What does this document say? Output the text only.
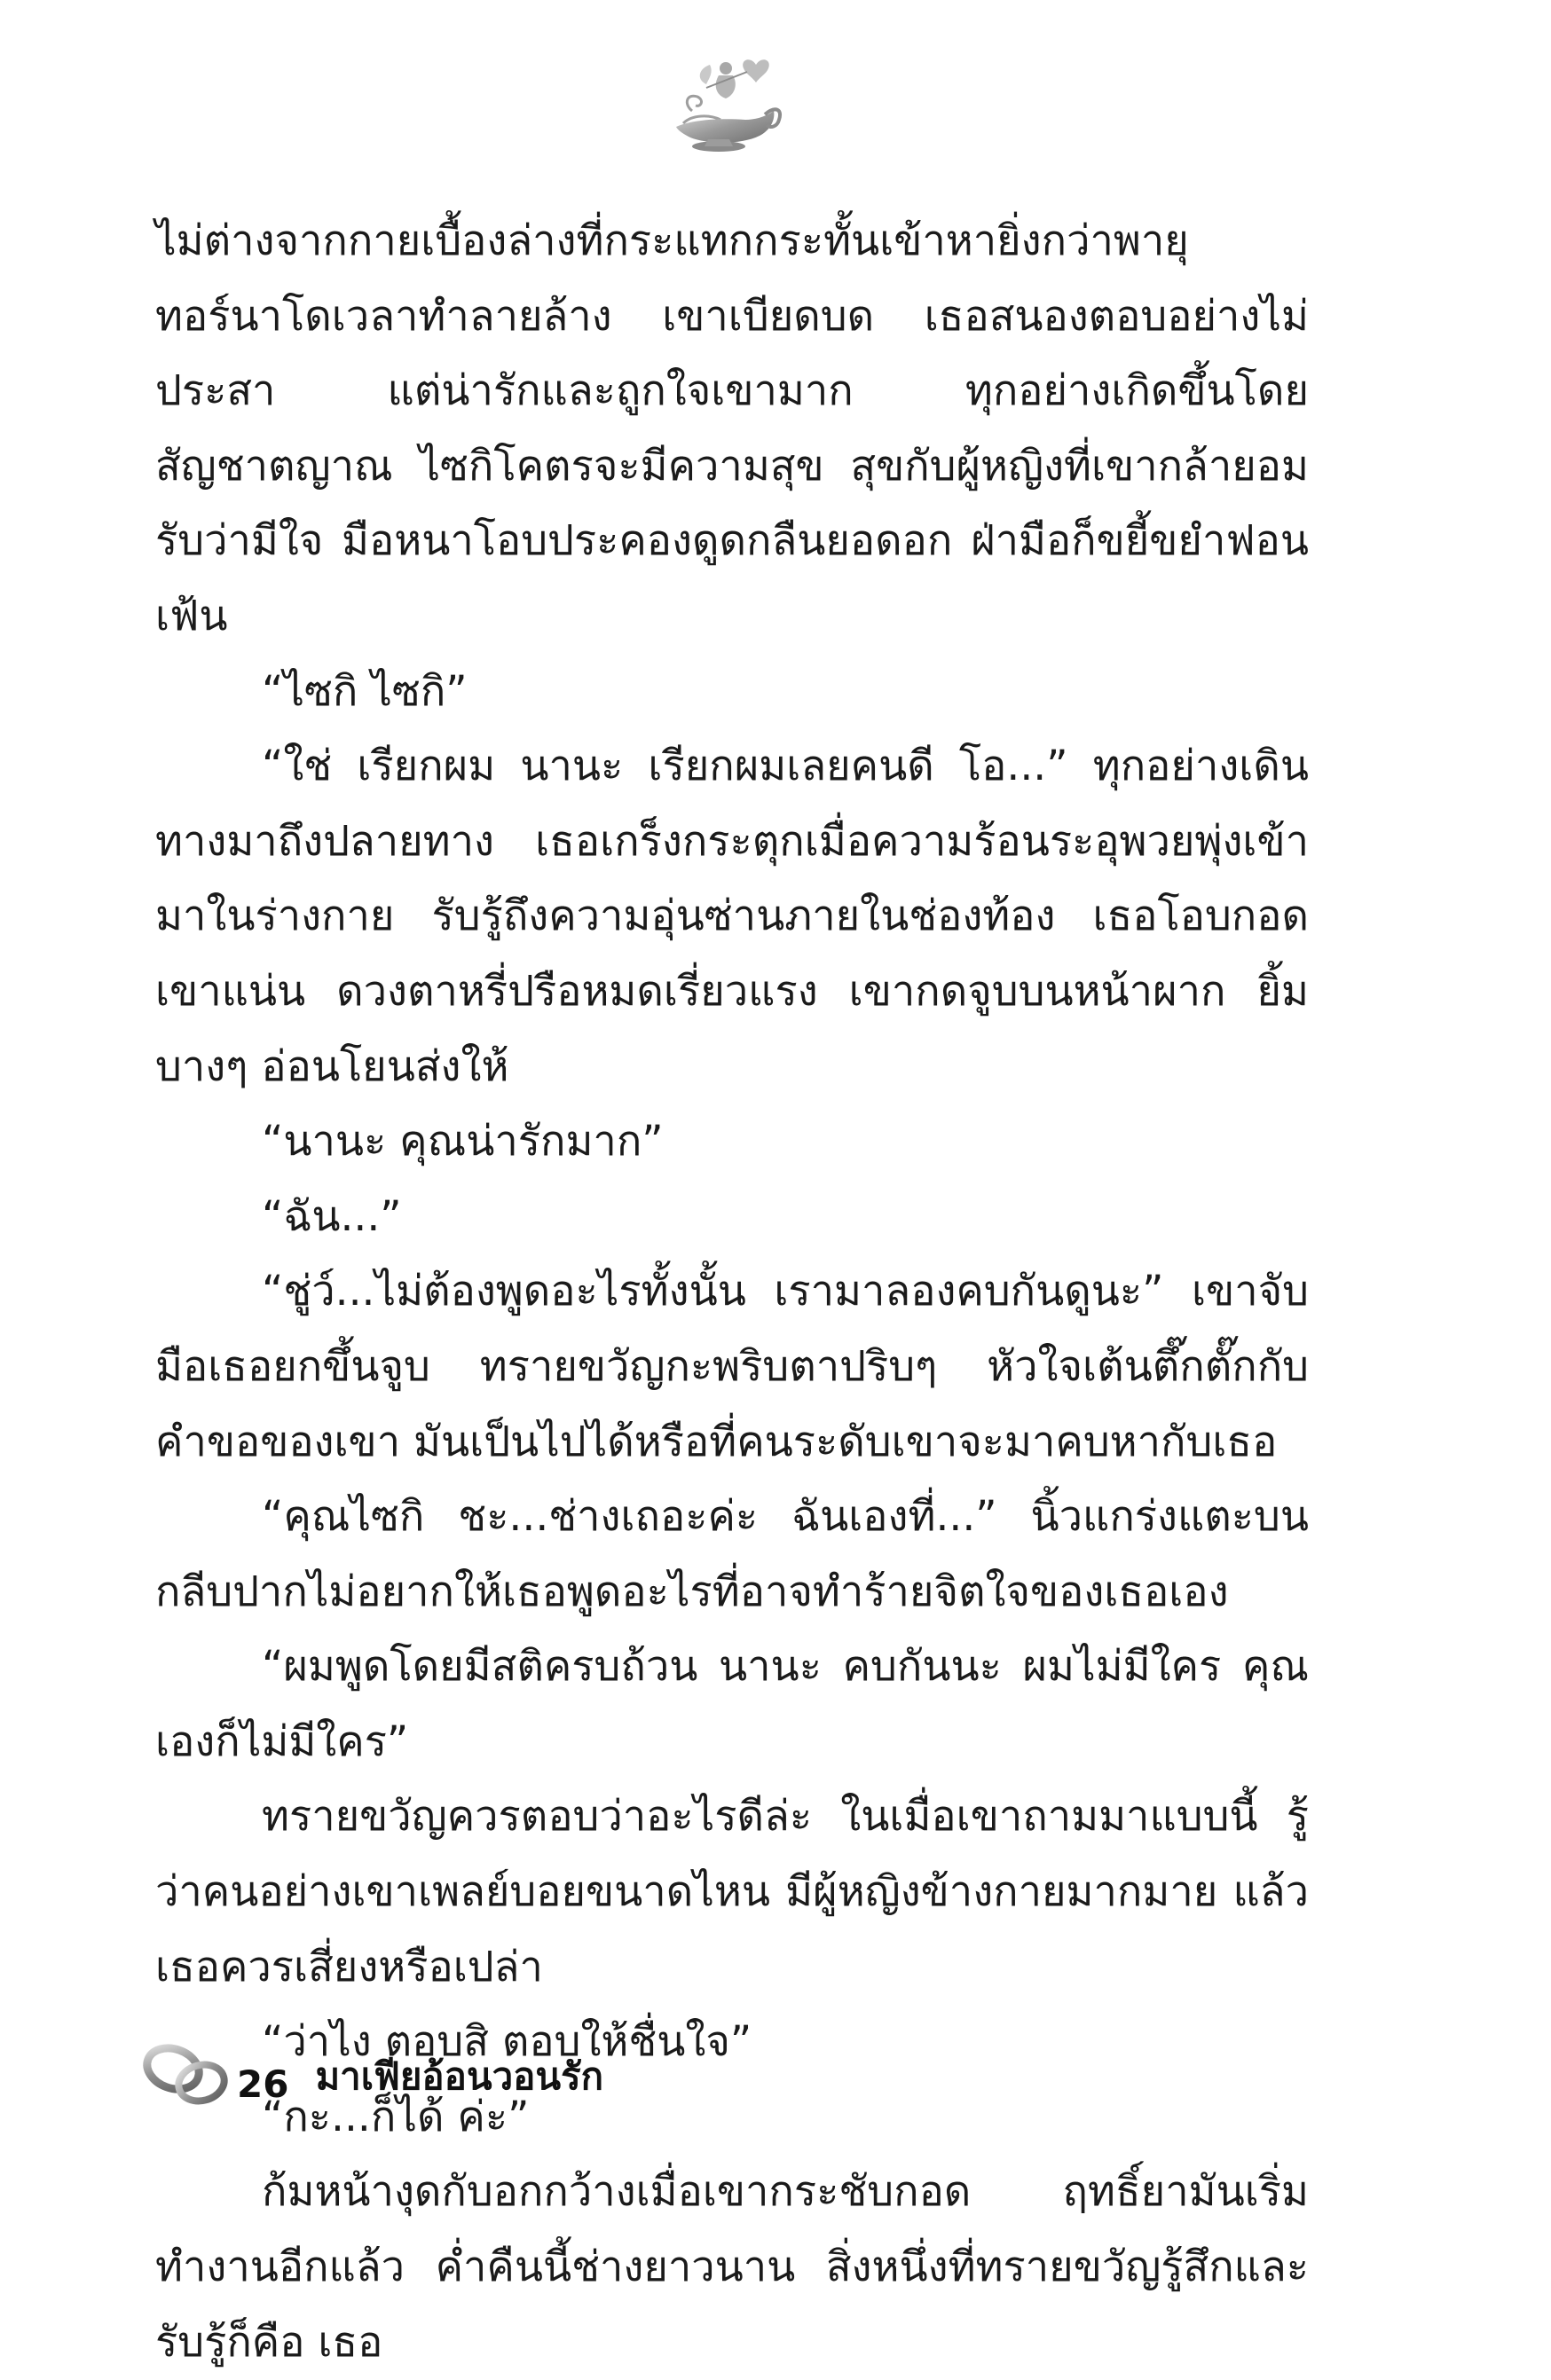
ไม่ต่างจากกายเบื้องล่างที่กระแทกกระทั้นเข้าหายิ่งกว่าพายุทอร์นาโดเวลาทำลายล้าง เขาเบียดบด เธอสนองตอบอย่างไม่ประสา แต่น่ารักและถูกใจเขามาก ทุกอย่างเกิดขึ้นโดยสัญชาตญาณ ไซกิโคตรจะมีความสุข สุขกับผู้หญิงที่เขากล้ายอมรับว่ามีใจ มือหนาโอบประคองดูดกลืนยอดอก ฝ่ามือก็ขยี้ขยำฟอนเฟ้น

“ไซกิ ไซกิ”

“ใช่ เรียกผม นานะ เรียกผมเลยคนดี โอ...” ทุกอย่างเดินทางมาถึงปลายทาง เธอเกร็งกระตุกเมื่อความร้อนระอุพวยพุ่งเข้ามาในร่างกาย รับรู้ถึงความอุ่นซ่านภายในช่องท้อง เธอโอบกอดเขาแน่น ดวงตาหรี่ปรือหมดเรี่ยวแรง เขากดจูบบนหน้าผาก ยิ้มบางๆ อ่อนโยนส่งให้

“นานะ คุณน่ารักมาก”

“ฉัน...”

“ชู่ว์...ไม่ต้องพูดอะไรทั้งนั้น เรามาลองคบกันดูนะ” เขาจับมือเธอยกขึ้นจูบ ทรายขวัญกะพริบตาปริบๆ หัวใจเต้นตึ๊กตั๊กกับคำขอของเขา มันเป็นไปได้หรือที่คนระดับเขาจะมาคบหากับเธอ

“คุณไซกิ ชะ...ช่างเถอะค่ะ ฉันเองที่...” นิ้วแกร่งแตะบนกลีบปากไม่อยากให้เธอพูดอะไรที่อาจทำร้ายจิตใจของเธอเอง

“ผมพูดโดยมีสติครบถ้วน นานะ คบกันนะ ผมไม่มีใคร คุณเองก็ไม่มีใคร”

ทรายขวัญควรตอบว่าอะไรดีล่ะ ในเมื่อเขาถามมาแบบนี้ รู้ว่าคนอย่างเขาเพลย์บอยขนาดไหน มีผู้หญิงข้างกายมากมาย แล้วเธอควรเสี่ยงหรือเปล่า

“ว่าไง ตอบสิ ตอบให้ชื่นใจ”

“กะ...ก็ได้ ค่ะ”

ก้มหน้างุดกับอกกว้างเมื่อเขากระชับกอด ฤทธิ์ยามันเริ่มทำงานอีกแล้ว ค่ำคืนนี้ช่างยาวนาน สิ่งหนึ่งที่ทรายขวัญรู้สึกและรับรู้ก็คือ เธอ

26 มาเฟียอ้อนวอนรัก
